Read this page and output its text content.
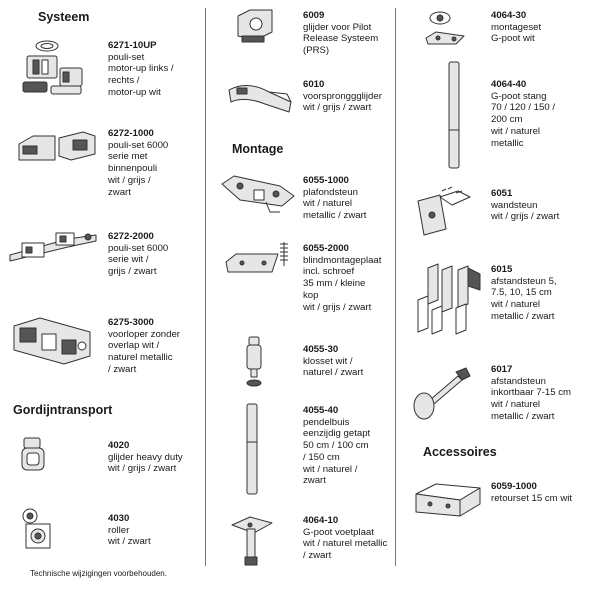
Systeem
Gordijntransport
Montage
Accessoires
6271-10UP
pouli-set
motor-up links /
rechts /
motor-up wit
6272-1000
pouli-set 6000
serie met
binnenpouli
wit / grijs /
zwart
6272-2000
pouli-set 6000
serie wit /
grijs / zwart
6275-3000
voorloper zonder
overlap wit /
naturel metallic
/ zwart
4020
glijder heavy duty
wit / grijs / zwart
4030
roller
wit / zwart
6009
glijder voor Pilot
Release Systeem
(PRS)
6010
voorspronggglijder
wit / grijs / zwart
6055-1000
plafondsteun
wit / naturel
metallic / zwart
6055-2000
blindmontageplaat
incl. schroef
35 mm / kleine
kop
wit / grijs / zwart
4055-30
klosset wit /
naturel / zwart
4055-40
pendelbuis
eenzijdig getapt
50 cm / 100 cm
/ 150 cm
wit / naturel /
zwart
4064-10
G-poot voetplaat
wit / naturel metallic
/ zwart
4064-30
montageset
G-poot wit
4064-40
G-poot stang
70 / 120 / 150 /
200 cm
wit / naturel
metallic
6051
wandsteun
wit / grijs / zwart
6015
afstandsteun 5,
7.5, 10, 15 cm
wit / naturel
metallic / zwart
6017
afstandsteun
inkortbaar 7-15 cm
wit / naturel
metallic / zwart
6059-1000
retourset 15 cm wit
Technische wijzigingen voorbehouden.
